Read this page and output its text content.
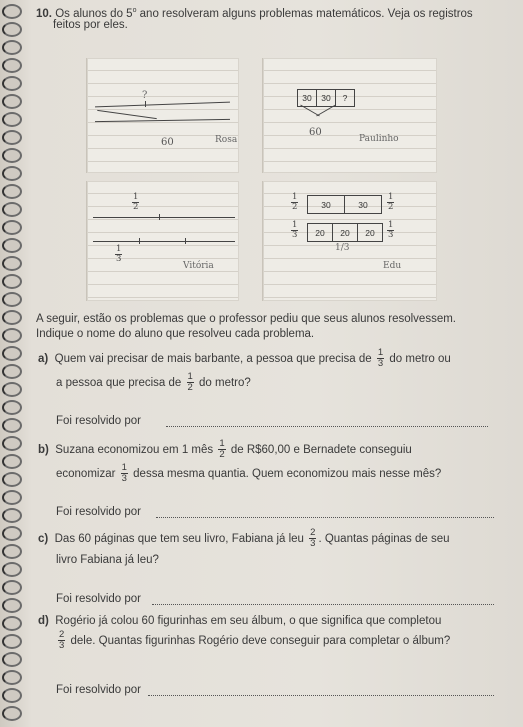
10. Os alunos do 5$^o$ ano resolveram alguns problemas matemáticos. Veja os registros
feitos por eles.
?
60	Rosa
30	30	?
60
Paulinho
$\frac{1}{2}$
$\frac{1}{3}$
Vitória
$\frac{1}{2}$	30	30	$\frac{1}{2}$
$\frac{1}{3}$	20	20	20	$\frac{1}{3}$
1/3
Edu
A seguir, estão os problemas que o professor pediu que seus alunos resolvessem.
Indique o nome do aluno que resolveu cada problema.
a) Quem vai precisar de mais barbante, a pessoa que precisa de $\frac{1}{3}$ do metro ou
a pessoa que precisa de $\frac{1}{2}$ do metro?
Foi resolvido por
b) Suzana economizou em 1 mês $\frac{1}{2}$ de R$60,00 e Bernadete conseguiu
economizar $\frac{1}{3}$ dessa mesma quantia. Quem economizou mais nesse mês?
Foi resolvido por
c) Das 60 páginas que tem seu livro, Fabiana já leu $\frac{2}{3}$ . Quantas páginas de seu
livro Fabiana já leu?
Foi resolvido por
d) Rogério já colou 60 figurinhas em seu álbum, o que significa que completou
$\frac{2}{3}$ dele. Quantas figurinhas Rogério deve conseguir para completar o álbum?
Foi resolvido por
